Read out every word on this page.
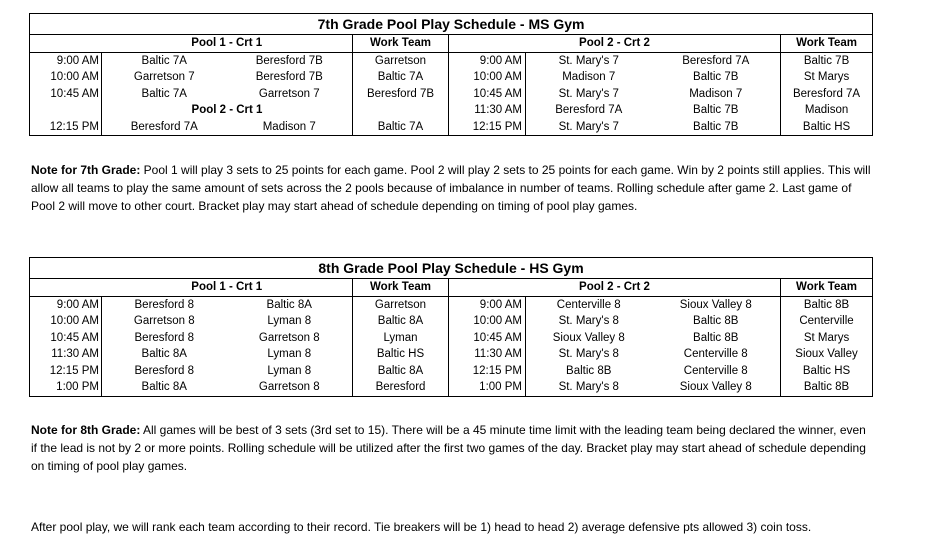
7th Grade Pool Play Schedule - MS Gym							
	Pool 1 - Crt 1		Work Team	Pool 2 - Crt 2			Work Team
9:00 AM	Baltic 7A	Beresford 7B	Garretson	9:00 AM	St. Mary's 7	Beresford 7A	Baltic 7B
10:00 AM	Garretson 7	Beresford 7B	Baltic 7A	10:00 AM	Madison 7	Baltic 7B	St Marys
10:45 AM	Baltic 7A	Garretson 7	Beresford 7B	10:45 AM	St. Mary's 7	Madison 7	Beresford 7A
	Pool 2 - Crt 1			11:30 AM	Beresford 7A	Baltic 7B	Madison
12:15 PM	Beresford 7A	Madison 7	Baltic 7A	12:15 PM	St. Mary's 7	Baltic 7B	Baltic HS

Note for 7th Grade: Pool 1 will play 3 sets to 25 points for each game. Pool 2 will play 2 sets to 25 points for each game. Win by 2 points still applies. This will allow all teams to play the same amount of sets across the 2 pools because of imbalance in number of teams. Rolling schedule after game 2. Last game of Pool 2 will move to other court. Bracket play may start ahead of schedule depending on timing of pool play games.

8th Grade Pool Play Schedule - HS Gym							
	Pool 1 - Crt 1		Work Team	Pool 2 - Crt 2			Work Team
9:00 AM	Beresford 8	Baltic 8A	Garretson	9:00 AM	Centerville 8	Sioux Valley 8	Baltic 8B
10:00 AM	Garretson 8	Lyman 8	Baltic 8A	10:00 AM	St. Mary's 8	Baltic 8B	Centerville
10:45 AM	Beresford 8	Garretson 8	Lyman	10:45 AM	Sioux Valley 8	Baltic 8B	St Marys
11:30 AM	Baltic 8A	Lyman 8	Baltic HS	11:30 AM	St. Mary's 8	Centerville 8	Sioux Valley
12:15 PM	Beresford 8	Lyman 8	Baltic 8A	12:15 PM	Baltic 8B	Centerville 8	Baltic HS
1:00 PM	Baltic 8A	Garretson 8	Beresford	1:00 PM	St. Mary's 8	Sioux Valley 8	Baltic 8B

Note for 8th Grade: All games will be best of 3 sets (3rd set to 15). There will be a 45 minute time limit with the leading team being declared the winner, even if the lead is not by 2 or more points. Rolling schedule will be utilized after the first two games of the day. Bracket play may start ahead of schedule depending on timing of pool play games.

After pool play, we will rank each team according to their record. Tie breakers will be 1) head to head 2) average defensive pts allowed 3) coin toss.
